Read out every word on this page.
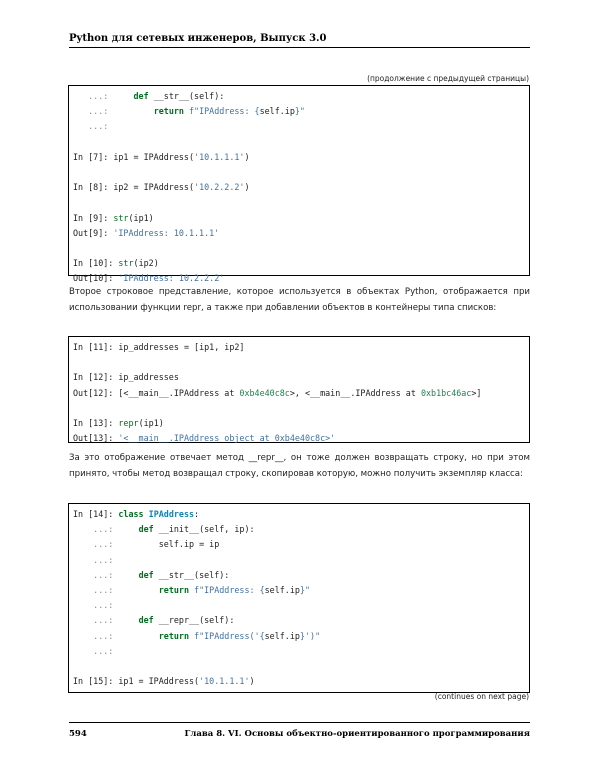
Python для сетевых инженеров, Выпуск 3.0
(продолжение с предыдущей страницы)
...:     def __str__(self):
...:	return f"IPAddress: {self.ip}"
...:

In [7]: ip1 = IPAddress('10.1.1.1')

In [8]: ip2 = IPAddress('10.2.2.2')

In [9]: str(ip1)
Out[9]: 'IPAddress: 10.1.1.1'

In [10]: str(ip2)
Out[10]: 'IPAddress: 10.2.2.2'
Второе строковое представление, которое используется в объектах Python, отображается при использовании функции repr, а также при добавлении объектов в контейнеры типа списков:
In [11]: ip_addresses = [ip1, ip2]

In [12]: ip_addresses
Out[12]: [<__main__.IPAddress at 0xb4e40c8c>, <__main__.IPAddress at 0xb1bc46ac>]

In [13]: repr(ip1)
Out[13]: '<__main__.IPAddress object at 0xb4e40c8c>'
За это отображение отвечает метод __repr__, он тоже должен возвращать строку, но при этом принято, чтобы метод возвращал строку, скопировав которую, можно получить экземпляр класса:
In [14]: class IPAddress:
...:     def __init__(self, ip):
...:         self.ip = ip
...:
...:     def __str__(self):
...:	return f"IPAddress: {self.ip}"
...:
...:     def __repr__(self):
...:	return f"IPAddress('{self.ip}')"
...:

In [15]: ip1 = IPAddress('10.1.1.1')
(continues on next page)
594	Глава 8. VI. Основы объектно-ориентированного программирования
